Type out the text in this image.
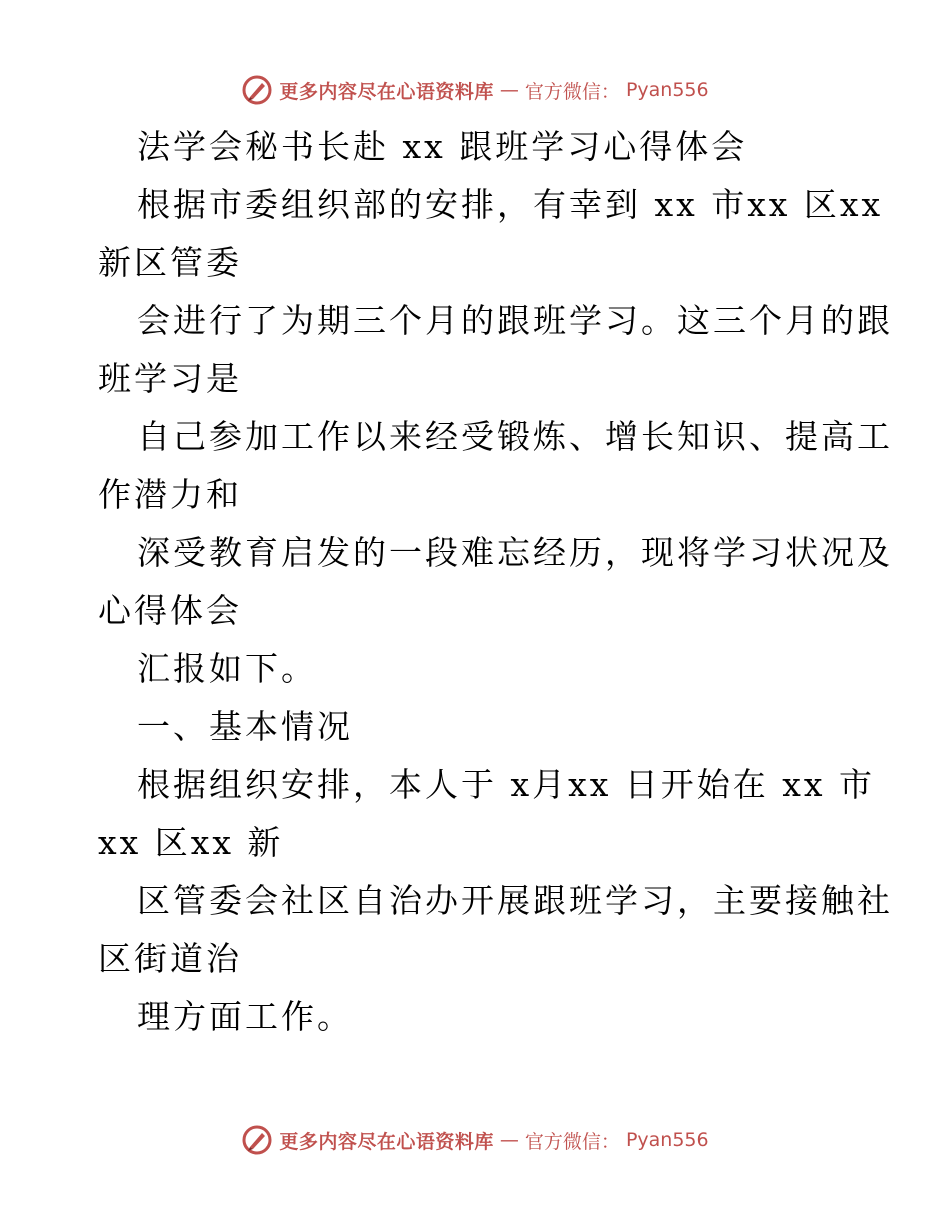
更多内容尽在心语资料库 — 官方微信： Pyan556
法学会秘书长赴 xx 跟班学习心得体会
根据市委组织部的安排，有幸到 xx 市xx 区xx
新区管委
会进行了为期三个月的跟班学习。这三个月的跟
班学习是
自己参加工作以来经受锻炼、增长知识、提高工
作潜力和
深受教育启发的一段难忘经历，现将学习状况及
心得体会
汇报如下。
一、基本情况
根据组织安排，本人于 x月xx 日开始在 xx 市
xx 区xx 新
区管委会社区自治办开展跟班学习，主要接触社
区街道治
理方面工作。
更多内容尽在心语资料库 — 官方微信： Pyan556
